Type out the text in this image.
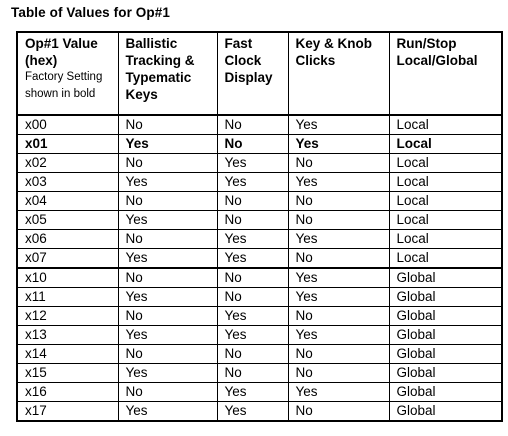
Table of Values for Op#1
Op#1 Value
(hex)
Factory Setting
shown in bold	Ballistic
Tracking &
Typematic
Keys	Fast
Clock
Display	Key & Knob
Clicks	Run/Stop
Local/Global

x00	No	No	Yes	Local
x01	Yes	No	Yes	Local
x02	No	Yes	No	Local
x03	Yes	Yes	Yes	Local
x04	No	No	No	Local
x05	Yes	No	No	Local
x06	No	Yes	Yes	Local
x07	Yes	Yes	No	Local
x10	No	No	Yes	Global
x11	Yes	No	Yes	Global
x12	No	Yes	No	Global
x13	Yes	Yes	Yes	Global
x14	No	No	No	Global
x15	Yes	No	No	Global
x16	No	Yes	Yes	Global
x17	Yes	Yes	No	Global
